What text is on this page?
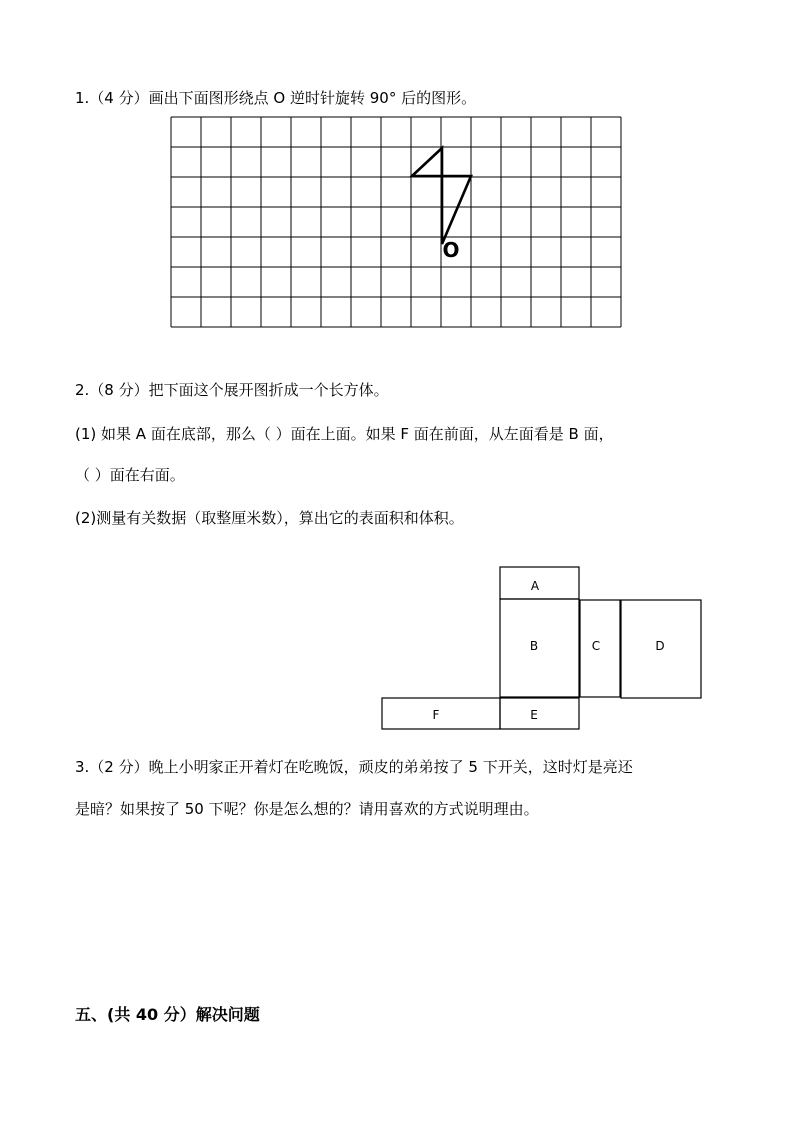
1.（4 分）画出下面图形绕点 O 逆时针旋转 90° 后的图形。
O
2.（8 分）把下面这个展开图折成一个长方体。
(1) 如果 A 面在底部，那么（ ）面在上面。如果 F 面在前面，从左面看是 B 面，
（ ）面在右面。
(2)测量有关数据（取整厘米数），算出它的表面积和体积。
A
B	C	D
E
F
3.（2 分）晚上小明家正开着灯在吃晚饭，顽皮的弟弟按了 5 下开关，这时灯是亮还
是暗？如果按了 50 下呢？你是怎么想的？请用喜欢的方式说明理由。
五、(共 40 分）解决问题
